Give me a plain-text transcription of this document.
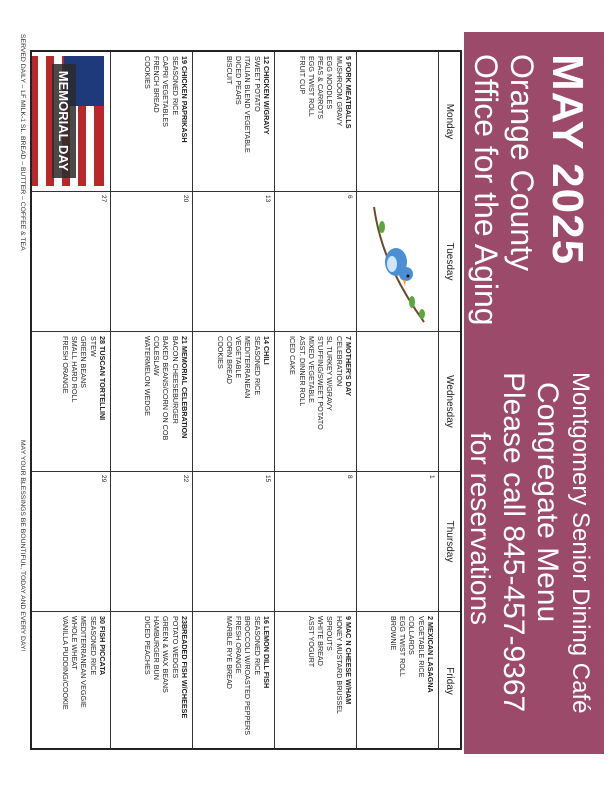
MAY 2025
Orange County
Office for the Aging
Montgomery Senior Dining Café
Congregate Menu
Please call 845-457-9367
for reservations
Monday
Tuesday
Wednesday
Thursday
Friday
1
2 MEXICAN LASAGNA
VEGETABLE RICE
COLLARDS
EGG TWIST ROLL
BROWNIE
5 PORK MEATBALLS
MUSHROOM GRAVY
EGG NOODLES
PEAS & CARROTS
EGG TWIST ROLL
FRUIT CUP
6
7 MOTHER'S DAY
CELEBRATION
SL TURKEY W/GRAVY
STUFFING/SWEET POTATO
MIXED VEGETABLE
ASST. DINNER ROLL
ICED CAKE
8
9 MAC N CHEESE W/HAM
HONEY MUSTARD BRUSSEL
SPROUTS
WHITE BREAD
ASST YOGURT
12 CHICKEN W/GRAVY
SWEET POTATO
ITALIAN BLEND VEGETABLE
DICED PEARS
BISCUIT
13
14 CHILI
SEASONED RICE
MEDITERRANEAN
VEGETABLE
CORN BREAD
COOKIES
15
16 LEMON DILL FISH
SEASONED RICE
BROCCOLI W/ROASTED PEPPERS
FRESH ORANGE
MARBLE RYE BREAD
19 CHICKEN PAPRIKASH
SEASONED RICE
CAPRI VEGETABLES
FRENCH BREAD
COOKIES
20
21 MEMORIAL CELEBRATION
BACON CHEESEBURGER
BAKED BEANS/CORN ON COB
COLESLAW
WATERMELON WEDGE
22
23BREADED FISH W/CHEESE
POTATO WEDGES
GREEN & WAX BEANS
HAMBURGER BUN
DICED PEACHES
MEMORIAL DAY
27
28 TUSCAN TORTELLINI
STEW
GREEN BEANS
SMALL HARD ROLL
FRESH ORANGE
29
30 FISH PICCATA
SEASONED RICE
MEDITERRANEAN VEGGIE
WHOLE WHEAT
VANILLA PUDDING/COOKIE
SERVED DAILY – LF MILK-1 SL. BREAD – BUTTER – COFFEE & TEA
MAY YOUR BLESSINGS BE BOUNTIFUL, TODAY AND EVERY DAY!
